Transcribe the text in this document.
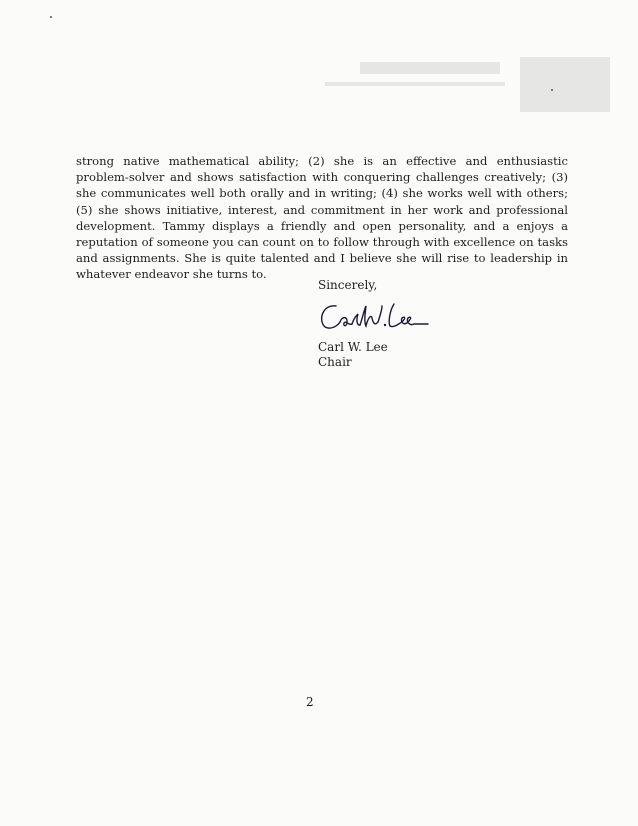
strong native mathematical ability; (2) she is an effective and enthusiastic problem-solver and shows satisfaction with conquering challenges creatively; (3) she communicates well both orally and in writing; (4) she works well with others; (5) she shows initiative, interest, and commitment in her work and professional development. Tammy displays a friendly and open personality, and a enjoys a reputation of someone you can count on to follow through with excellence on tasks and assignments. She is quite talented and I believe she will rise to leadership in whatever endeavor she turns to.

Sincerely,
Carl W. Lee
Chair
2
